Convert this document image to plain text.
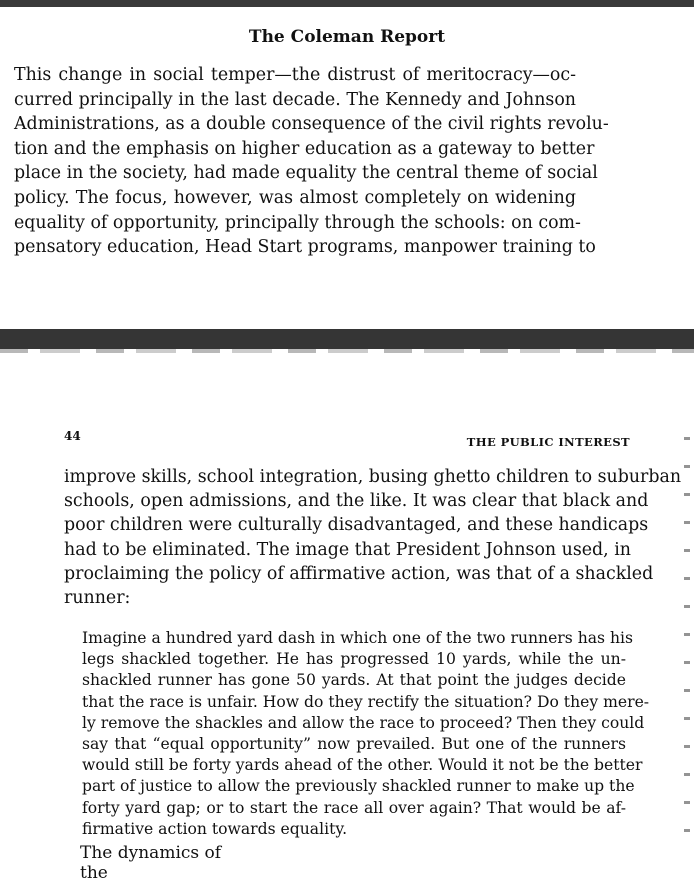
The Coleman Report
This change in social temper—the distrust of meritocracy—oc-
curred principally in the last decade. The Kennedy and Johnson
Administrations, as a double consequence of the civil rights revolu-
tion and the emphasis on higher education as a gateway to better
place in the society, had made equality the central theme of social
policy. The focus, however, was almost completely on widening
equality of opportunity, principally through the schools: on com-
pensatory education, Head Start programs, manpower training to
44	THE PUBLIC INTEREST
improve skills, school integration, busing ghetto children to suburban
schools, open admissions, and the like. It was clear that black and
poor children were culturally disadvantaged, and these handicaps
had to be eliminated. The image that President Johnson used, in
proclaiming the policy of affirmative action, was that of a shackled
runner:
Imagine a hundred yard dash in which one of the two runners has his
legs shackled together. He has progressed 10 yards, while the un-
shackled runner has gone 50 yards. At that point the judges decide
that the race is unfair. How do they rectify the situation? Do they mere-
ly remove the shackles and allow the race to proceed? Then they could
say that “equal opportunity” now prevailed. But one of the runners
would still be forty yards ahead of the other. Would it not be the better
part of justice to allow the previously shackled runner to make up the
forty yard gap; or to start the race all over again? That would be af-
firmative action towards equality.
The dynamics of the
